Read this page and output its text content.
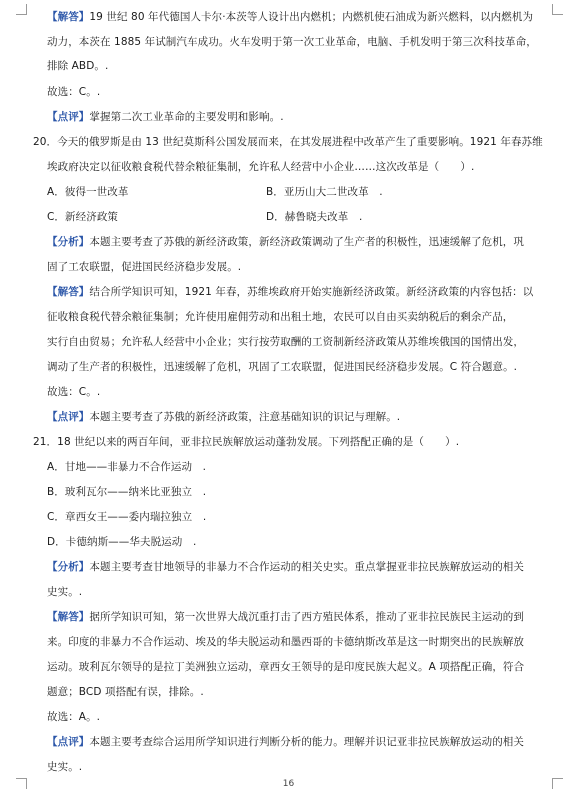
【解答】19 世纪 80 年代德国人卡尔·本茨等人设计出内燃机；内燃机使石油成为新兴燃料，以内燃机为
动力，本茨在 1885 年试制汽车成功。火车发明于第一次工业革命，电脑、手机发明于第三次科技革命，
排除 ABD。.
故选：C。.
【点评】掌握第二次工业革命的主要发明和影响。.
20．今天的俄罗斯是由 13 世纪莫斯科公国发展而来，在其发展进程中改革产生了重要影响。1921 年春苏维
埃政府决定以征收粮食税代替余粮征集制，允许私人经营中小企业……这次改革是（　　）.
A．彼得一世改革	B．亚历山大二世改革　.
C．新经济政策	D．赫鲁晓夫改革　.
【分析】本题主要考查了苏俄的新经济政策，新经济政策调动了生产者的积极性，迅速缓解了危机，巩
固了工农联盟，促进国民经济稳步发展。.
【解答】结合所学知识可知，1921 年春，苏维埃政府开始实施新经济政策。新经济政策的内容包括：以
征收粮食税代替余粮征集制；允许使用雇佣劳动和出租土地，农民可以自由买卖纳税后的剩余产品，
实行自由贸易；允许私人经营中小企业；实行按劳取酬的工资制新经济政策从苏维埃俄国的国情出发，
调动了生产者的积极性，迅速缓解了危机，巩固了工农联盟，促进国民经济稳步发展。C 符合题意。.
故选：C。.
【点评】本题主要考查了苏俄的新经济政策，注意基础知识的识记与理解。.
21．18 世纪以来的两百年间，亚非拉民族解放运动蓬勃发展。下列搭配正确的是（　　）.
A．甘地——非暴力不合作运动　.
B．玻利瓦尔——纳米比亚独立　.
C．章西女王——委内瑞拉独立　.
D．卡德纳斯——华夫脱运动　.
【分析】本题主要考查甘地领导的非暴力不合作运动的相关史实。重点掌握亚非拉民族解放运动的相关
史实。.
【解答】据所学知识可知，第一次世界大战沉重打击了西方殖民体系，推动了亚非拉民族民主运动的到
来。印度的非暴力不合作运动、埃及的华夫脱运动和墨西哥的卡德纳斯改革是这一时期突出的民族解放
运动。玻利瓦尔领导的是拉丁美洲独立运动，章西女王领导的是印度民族大起义。A 项搭配正确，符合
题意；BCD 项搭配有误，排除。.
故选：A。.
【点评】本题主要考查综合运用所学知识进行判断分析的能力。理解并识记亚非拉民族解放运动的相关
史实。.
16
